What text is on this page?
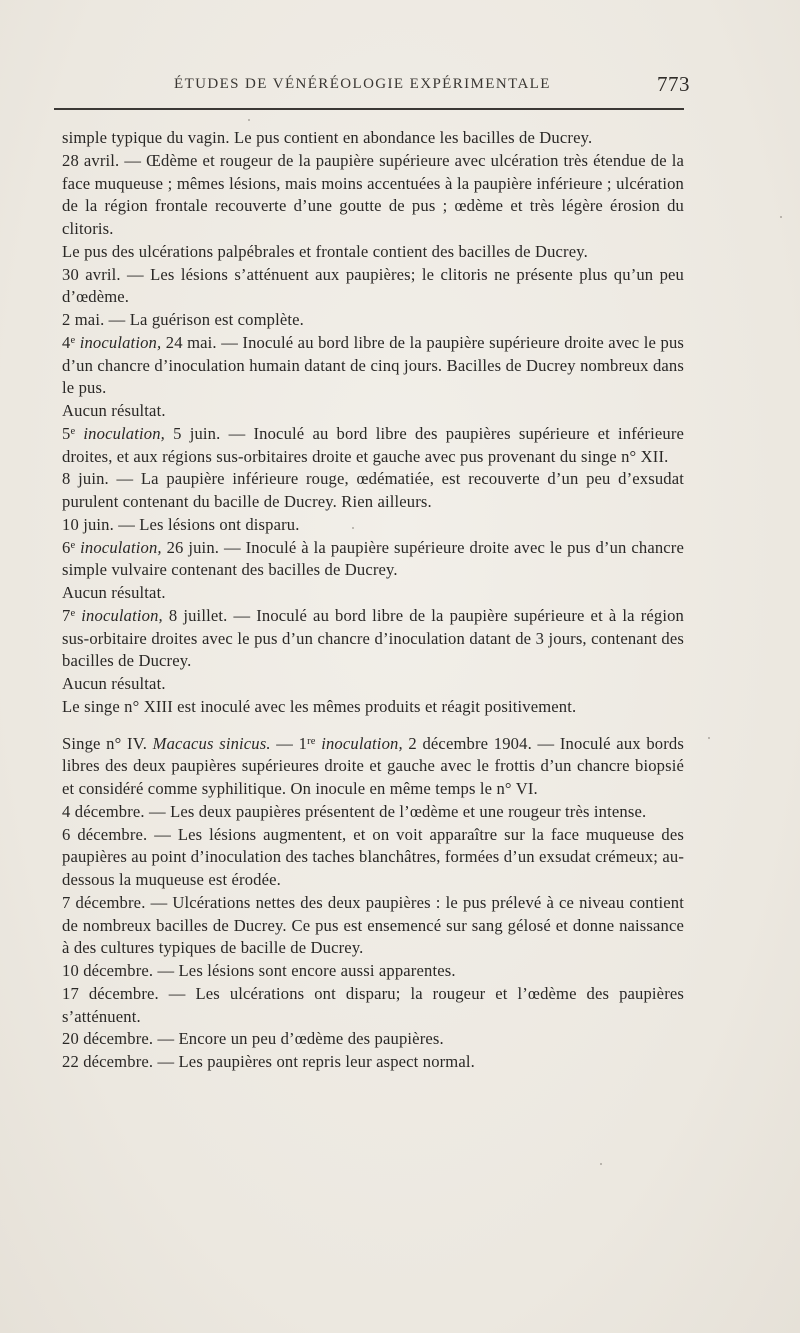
ÉTUDES DE VÉNÉRÉOLOGIE EXPÉRIMENTALE	773

simple typique du vagin. Le pus contient en abondance les bacilles de Ducrey.

28 avril. — Œdème et rougeur de la paupière supérieure avec ulcération très étendue de la face muqueuse ; mêmes lésions, mais moins accentuées à la paupière inférieure ; ulcération de la région frontale recouverte d’une goutte de pus ; œdème et très légère érosion du clitoris.

Le pus des ulcérations palpébrales et frontale contient des bacilles de Ducrey.

30 avril. — Les lésions s’atténuent aux paupières; le clitoris ne présente plus qu’un peu d’œdème.

2 mai. — La guérison est complète.

4e inoculation, 24 mai. — Inoculé au bord libre de la paupière supérieure droite avec le pus d’un chancre d’inoculation humain datant de cinq jours. Bacilles de Ducrey nombreux dans le pus.

Aucun résultat.

5e inoculation, 5 juin. — Inoculé au bord libre des paupières supérieure et inférieure droites, et aux régions sus-orbitaires droite et gauche avec pus provenant du singe n° XII.

8 juin. — La paupière inférieure rouge, œdématiée, est recouverte d’un peu d’exsudat purulent contenant du bacille de Ducrey. Rien ailleurs.

10 juin. — Les lésions ont disparu.

6e inoculation, 26 juin. — Inoculé à la paupière supérieure droite avec le pus d’un chancre simple vulvaire contenant des bacilles de Ducrey.

Aucun résultat.

7e inoculation, 8 juillet. — Inoculé au bord libre de la paupière supérieure et à la région sus-orbitaire droites avec le pus d’un chancre d’inoculation datant de 3 jours, contenant des bacilles de Ducrey.

Aucun résultat.

Le singe n° XIII est inoculé avec les mêmes produits et réagit positivement.

Singe n° IV. Macacus sinicus. — 1re inoculation, 2 décembre 1904. — Inoculé aux bords libres des deux paupières supérieures droite et gauche avec le frottis d’un chancre biopsié et considéré comme syphilitique. On inocule en même temps le n° VI.

4 décembre. — Les deux paupières présentent de l’œdème et une rougeur très intense.

6 décembre. — Les lésions augmentent, et on voit apparaître sur la face muqueuse des paupières au point d’inoculation des taches blanchâtres, formées d’un exsudat crémeux; au-dessous la muqueuse est érodée.

7 décembre. — Ulcérations nettes des deux paupières : le pus prélevé à ce niveau contient de nombreux bacilles de Ducrey. Ce pus est ensemencé sur sang gélosé et donne naissance à des cultures typiques de bacille de Ducrey.

10 décembre. — Les lésions sont encore aussi apparentes.

17 décembre. — Les ulcérations ont disparu; la rougeur et l’œdème des paupières s’atténuent.

20 décembre. — Encore un peu d’œdème des paupières.

22 décembre. — Les paupières ont repris leur aspect normal.
